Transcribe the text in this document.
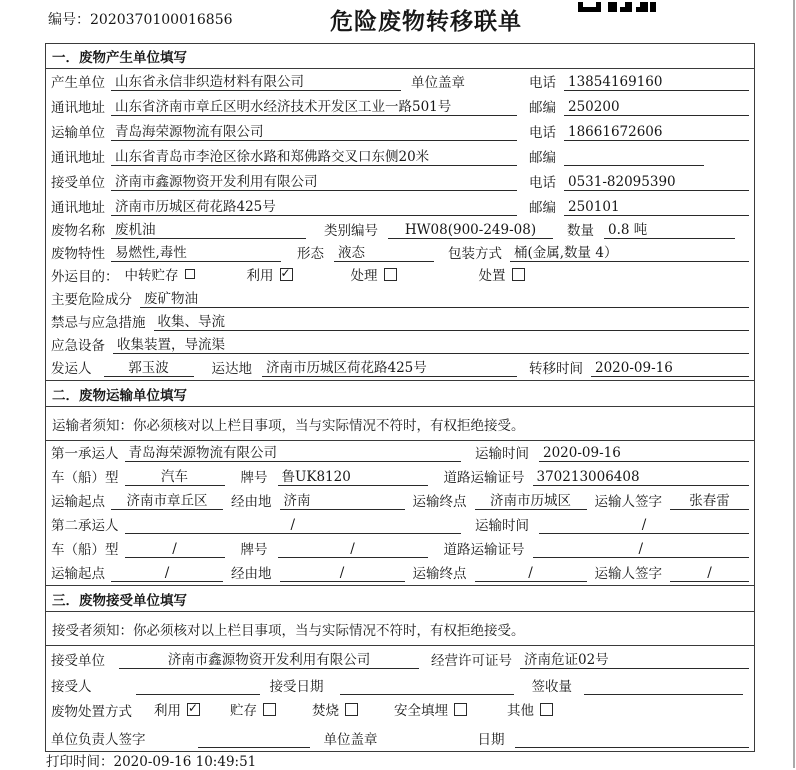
编号：2020370100016856	危险废物转移联单
一．废物产生单位填写
产生单位 山东省永信非织造材料有限公司	单位盖章	电话 13854169160
通讯地址 山东省济南市章丘区明水经济技术开发区工业一路501号	邮编 250200
运输单位 青岛海荣源物流有限公司	电话 18661672606
通讯地址 山东省青岛市李沧区徐水路和郑佛路交叉口东侧20米	邮编
接受单位 济南市鑫源物资开发利用有限公司	电话 0531-82095390
通讯地址 济南市历城区荷花路425号	邮编 250101
废物名称 废机油	类别编号	HW08(900-249-08)	数量 0.8 吨
废物特性 易燃性,毒性	形态 液态	包装方式 桶(金属,数量 4）
外运目的： 中转贮存	利用 ✓	处理	处置
主要危险成分 废矿物油
禁忌与应急措施 收集、导流
应急设备 收集装置，导流渠
发运人	郭玉波	运达地 济南市历城区荷花路425号	转移时间 2020-09-16
二．废物运输单位填写
运输者须知：你必须核对以上栏目事项，当与实际情况不符时，有权拒绝接受。
第一承运人 青岛海荣源物流有限公司	运输时间 2020-09-16
车（船）型	汽车	牌号 鲁UK8120	道路运输证号 370213006408
运输起点	济南市章丘区	经由地 济南	运输终点	济南市历城区	运输人签字	张春雷
第二承运人	/	运输时间	/
车（船）型	/	牌号	/	道路运输证号	/
运输起点	/	经由地	/	运输终点	/	运输人签字	/
三．废物接受单位填写
接受者须知：你必须核对以上栏目事项，当与实际情况不符时，有权拒绝接受。
接受单位	济南市鑫源物资开发利用有限公司	经营许可证号 济南危证02号
接受人	接受日期	签收量
废物处置方式 利用 ✓	贮存	焚烧	安全填埋	其他
单位负责人签字	单位盖章	日期
打印时间：2020-09-16 10:49:51
